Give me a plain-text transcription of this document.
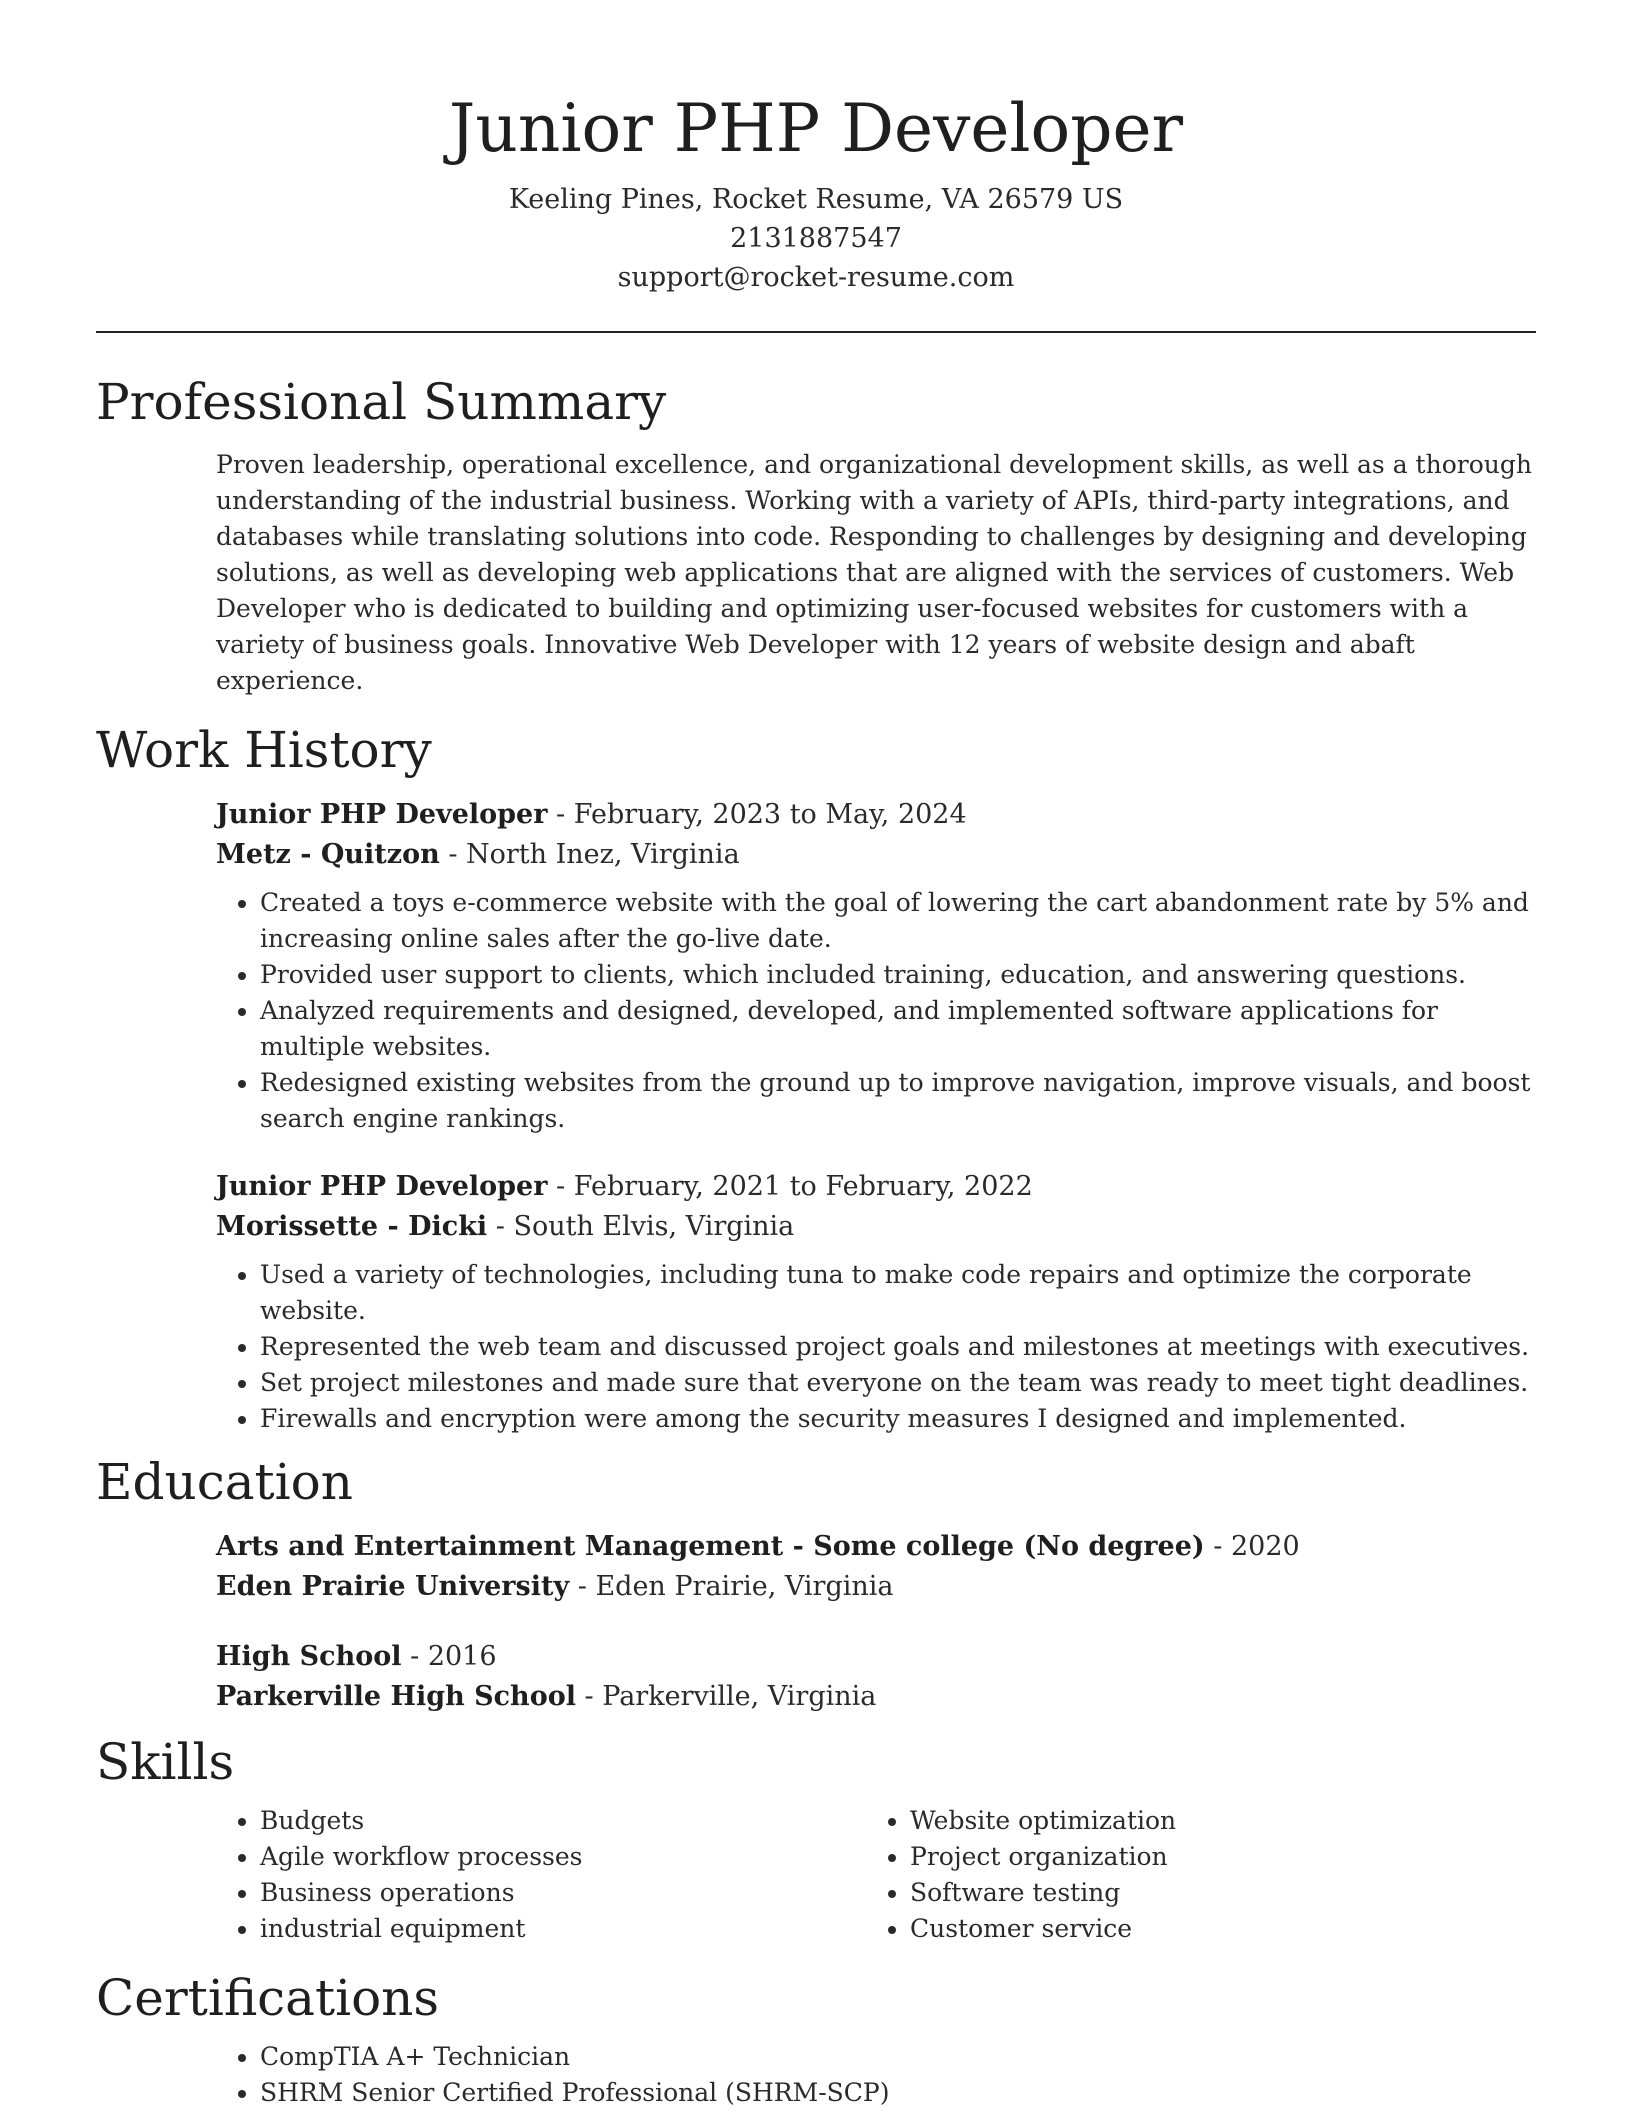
Junior PHP Developer
Keeling Pines, Rocket Resume, VA 26579 US
2131887547
support@rocket-resume.com
Professional Summary

Proven leadership, operational excellence, and organizational development skills, as well as a thorough understanding of the industrial business. Working with a variety of APIs, third-party integrations, and databases while translating solutions into code. Responding to challenges by designing and developing solutions, as well as developing web applications that are aligned with the services of customers. Web Developer who is dedicated to building and optimizing user-focused websites for customers with a variety of business goals. Innovative Web Developer with 12 years of website design and abaft experience.

Work History
Junior PHP Developer - February, 2023 to May, 2024
Metz - Quitzon - North Inez, Virginia
• Created a toys e-commerce website with the goal of lowering the cart abandonment rate by 5% and increasing online sales after the go-live date.
• Provided user support to clients, which included training, education, and answering questions.
• Analyzed requirements and designed, developed, and implemented software applications for multiple websites.
• Redesigned existing websites from the ground up to improve navigation, improve visuals, and boost search engine rankings.
Junior PHP Developer - February, 2021 to February, 2022
Morissette - Dicki - South Elvis, Virginia
• Used a variety of technologies, including tuna to make code repairs and optimize the corporate website.
• Represented the web team and discussed project goals and milestones at meetings with executives.
• Set project milestones and made sure that everyone on the team was ready to meet tight deadlines.
• Firewalls and encryption were among the security measures I designed and implemented.
Education
Arts and Entertainment Management - Some college (No degree) - 2020
Eden Prairie University - Eden Prairie, Virginia
High School - 2016
Parkerville High School - Parkerville, Virginia
Skills
• Budgets
• Agile workflow processes
• Business operations
• industrial equipment
• Website optimization
• Project organization
• Software testing
• Customer service
Certifications
• CompTIA A+ Technician
• SHRM Senior Certified Professional (SHRM-SCP)
